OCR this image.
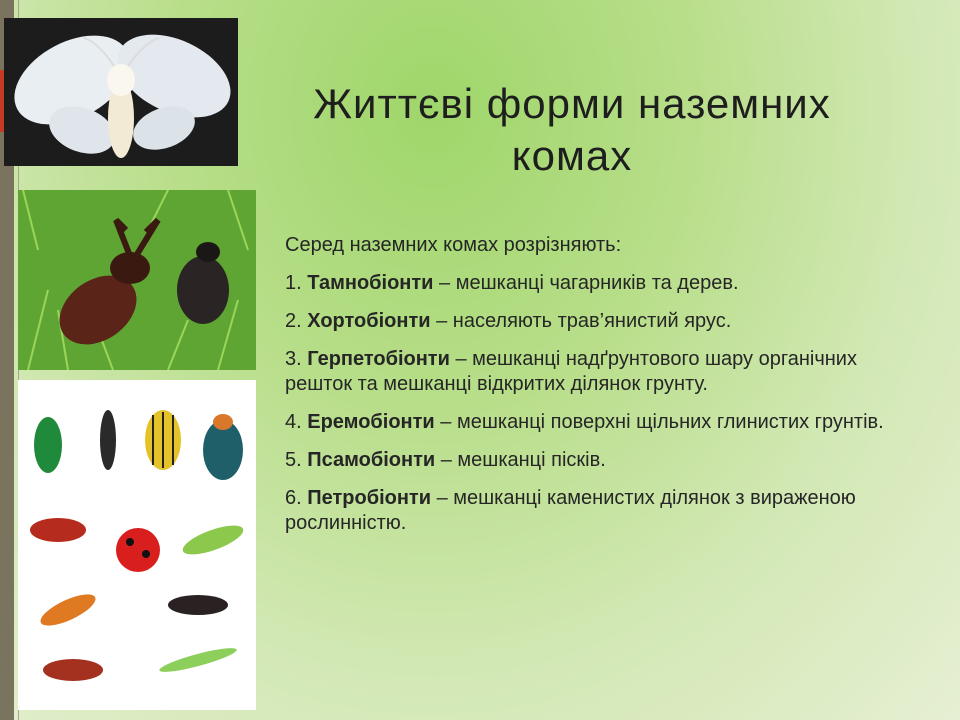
Життєві форми наземних комах

Серед наземних комах розрізняють:

1. Тамнобіонти – мешканці чагарників та дерев.

2. Хортобіонти – населяють трав’янистий ярус.

3. Герпетобіонти – мешканці надґрунтового шару органічних решток та мешканці відкритих ділянок грунту.

4. Еремобіонти – мешканці поверхні щільних глинистих грунтів.

5. Псамобіонти – мешканці пісків.

6. Петробіонти – мешканці каменистих ділянок з вираженою рослинністю.
